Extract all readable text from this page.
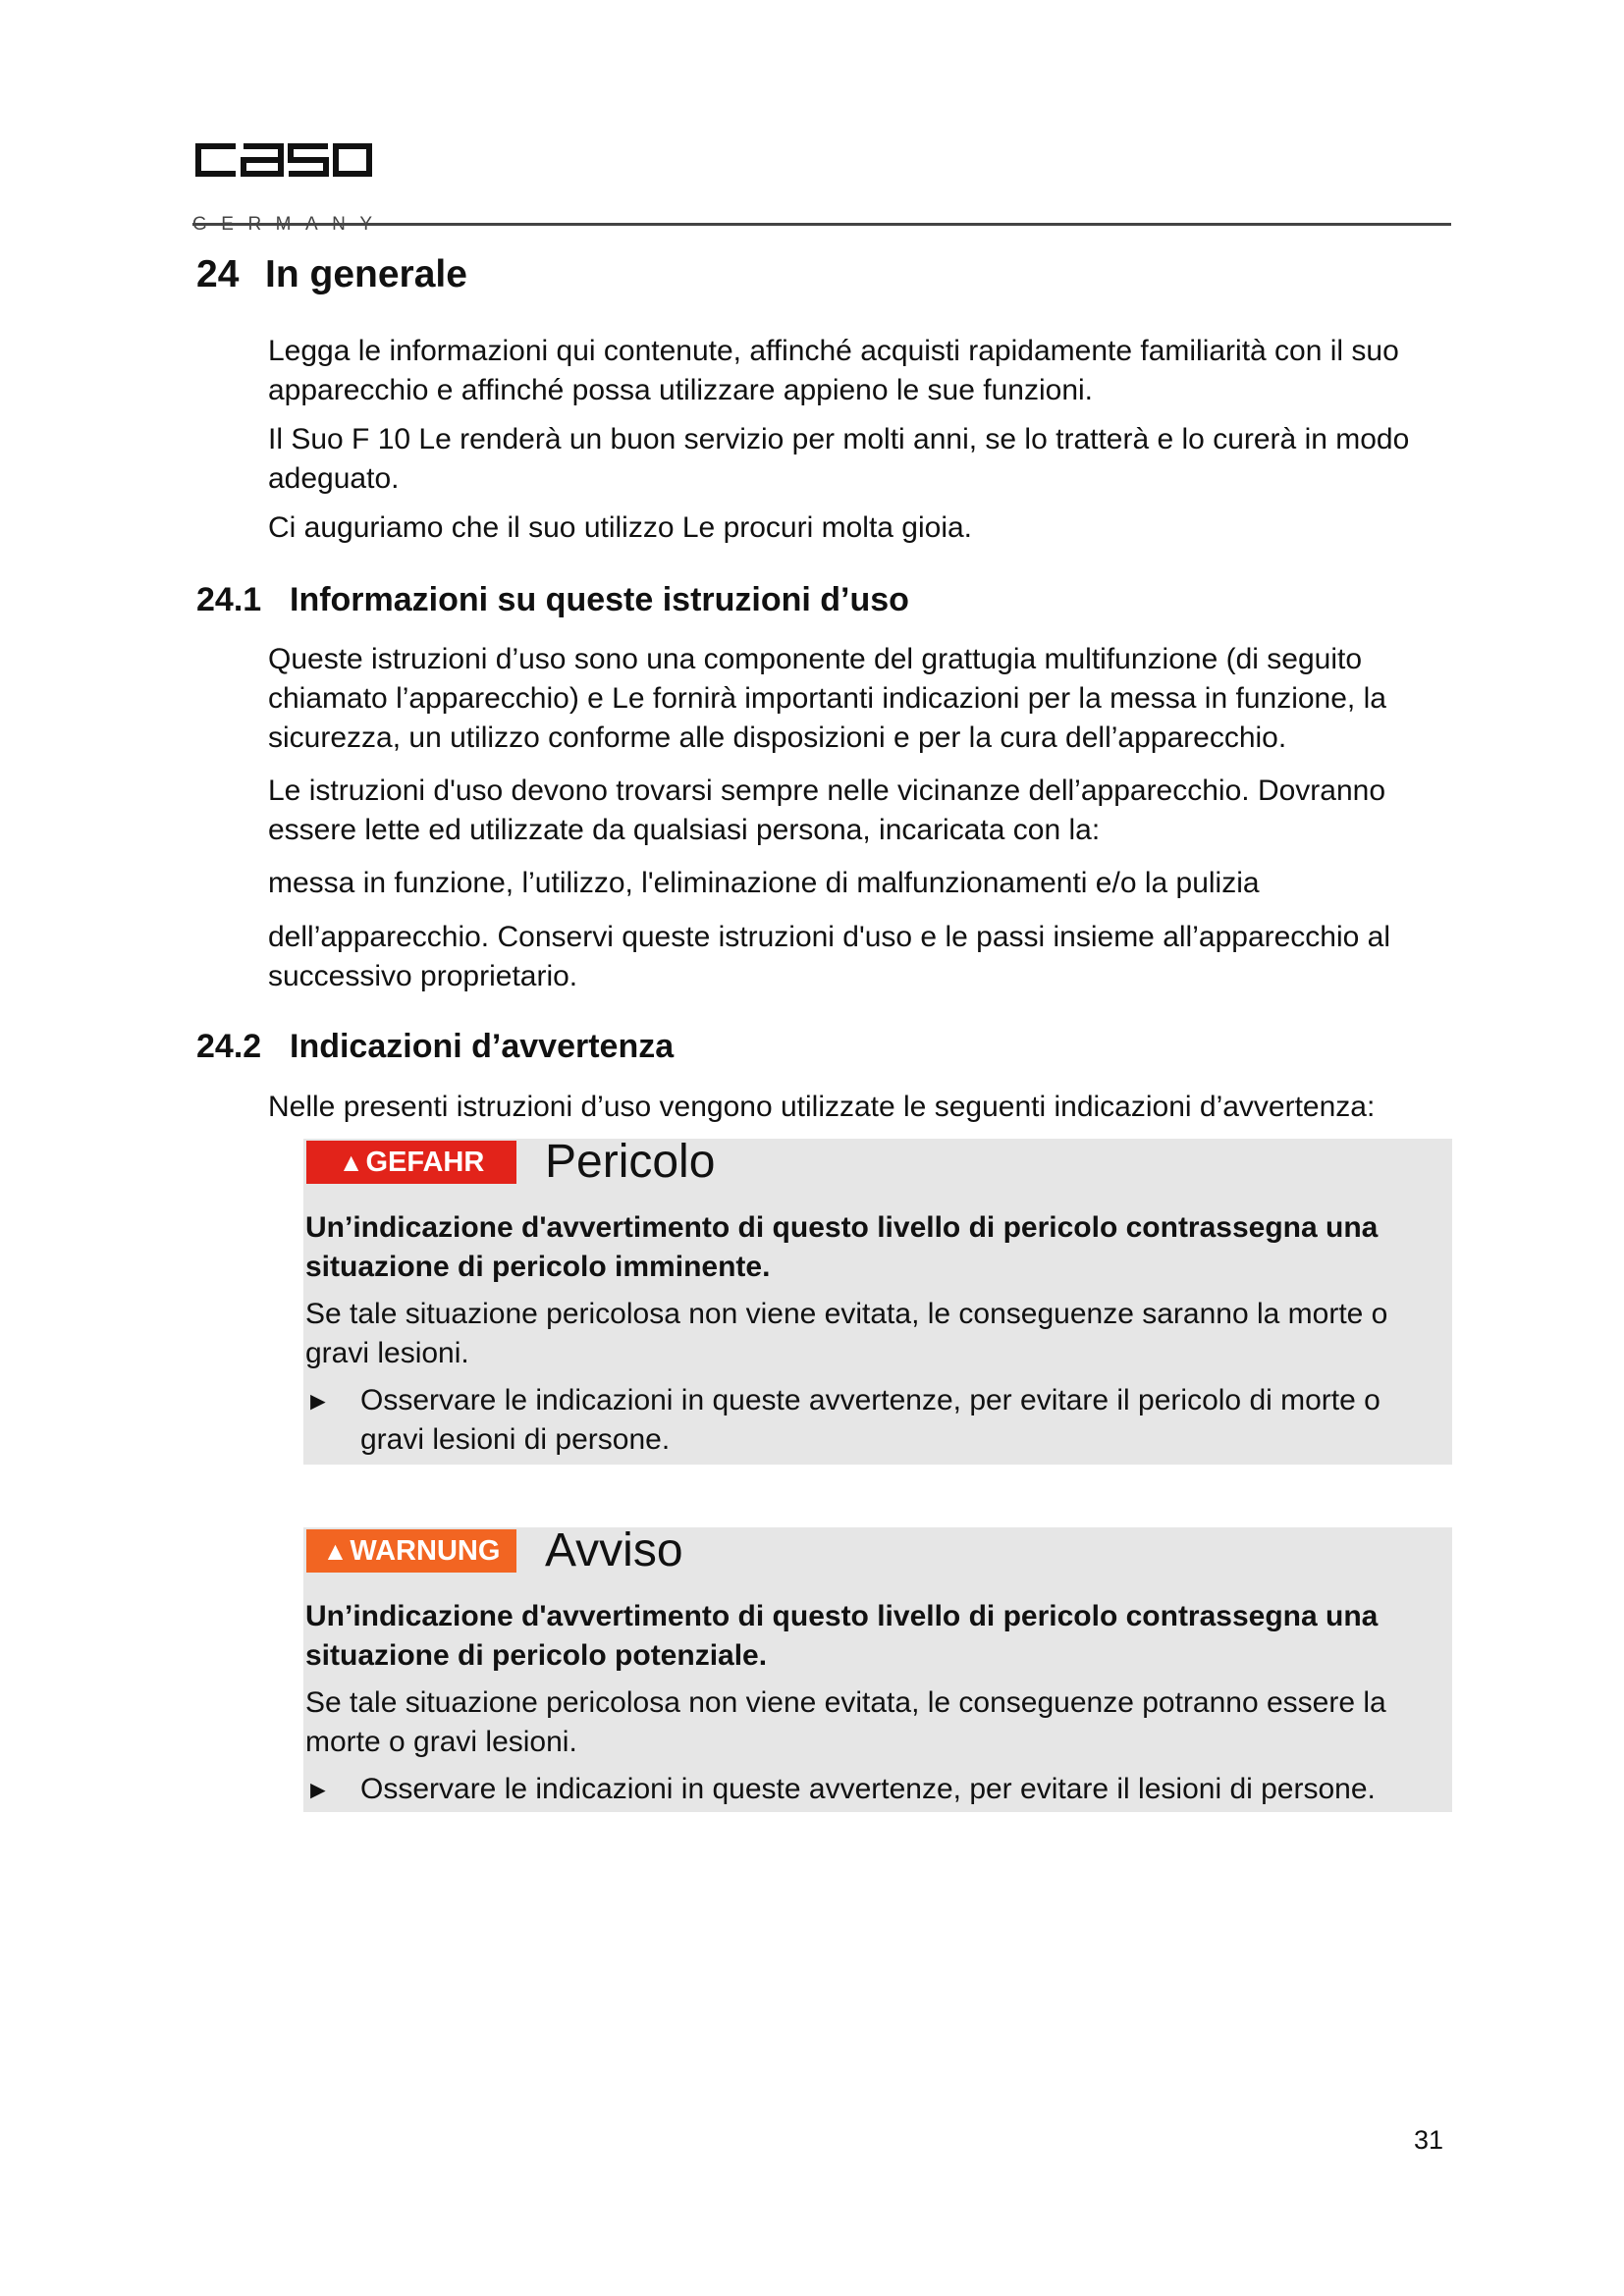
GERMANY
24 In generale

Legga le informazioni qui contenute, affinché acquisti rapidamente familiarità con il suo apparecchio e affinché possa utilizzare appieno le sue funzioni.

Il Suo F 10 Le renderà un buon servizio per molti anni, se lo tratterà e lo curerà in modo adeguato.

Ci auguriamo che il suo utilizzo Le procuri molta gioia.

24.1 Informazioni su queste istruzioni d’uso

Queste istruzioni d’uso sono una componente del grattugia multifunzione (di seguito chiamato l’apparecchio) e Le fornirà importanti indicazioni per la messa in funzione, la sicurezza, un utilizzo conforme alle disposizioni e per la cura dell’apparecchio.

Le istruzioni d'uso devono trovarsi sempre nelle vicinanze dell’apparecchio. Dovranno essere lette ed utilizzate da qualsiasi persona, incaricata con la:

messa in funzione, l’utilizzo, l'eliminazione di malfunzionamenti e/o la pulizia

dell’apparecchio. Conservi queste istruzioni d'uso e le passi insieme all’apparecchio al successivo proprietario.

24.2 Indicazioni d’avvertenza

Nelle presenti istruzioni d’uso vengono utilizzate le seguenti indicazioni d’avvertenza:

▲GEFAHR	Pericolo

Un’indicazione d'avvertimento di questo livello di pericolo contrassegna una situazione di pericolo imminente.

Se tale situazione pericolosa non viene evitata, le conseguenze saranno la morte o gravi lesioni.

► Osservare le indicazioni in queste avvertenze, per evitare il pericolo di morte o gravi lesioni di persone.

▲WARNUNG Avviso

Un’indicazione d'avvertimento di questo livello di pericolo contrassegna una situazione di pericolo potenziale.

Se tale situazione pericolosa non viene evitata, le conseguenze potranno essere la morte o gravi lesioni.

► Osservare le indicazioni in queste avvertenze, per evitare il lesioni di persone.

31
